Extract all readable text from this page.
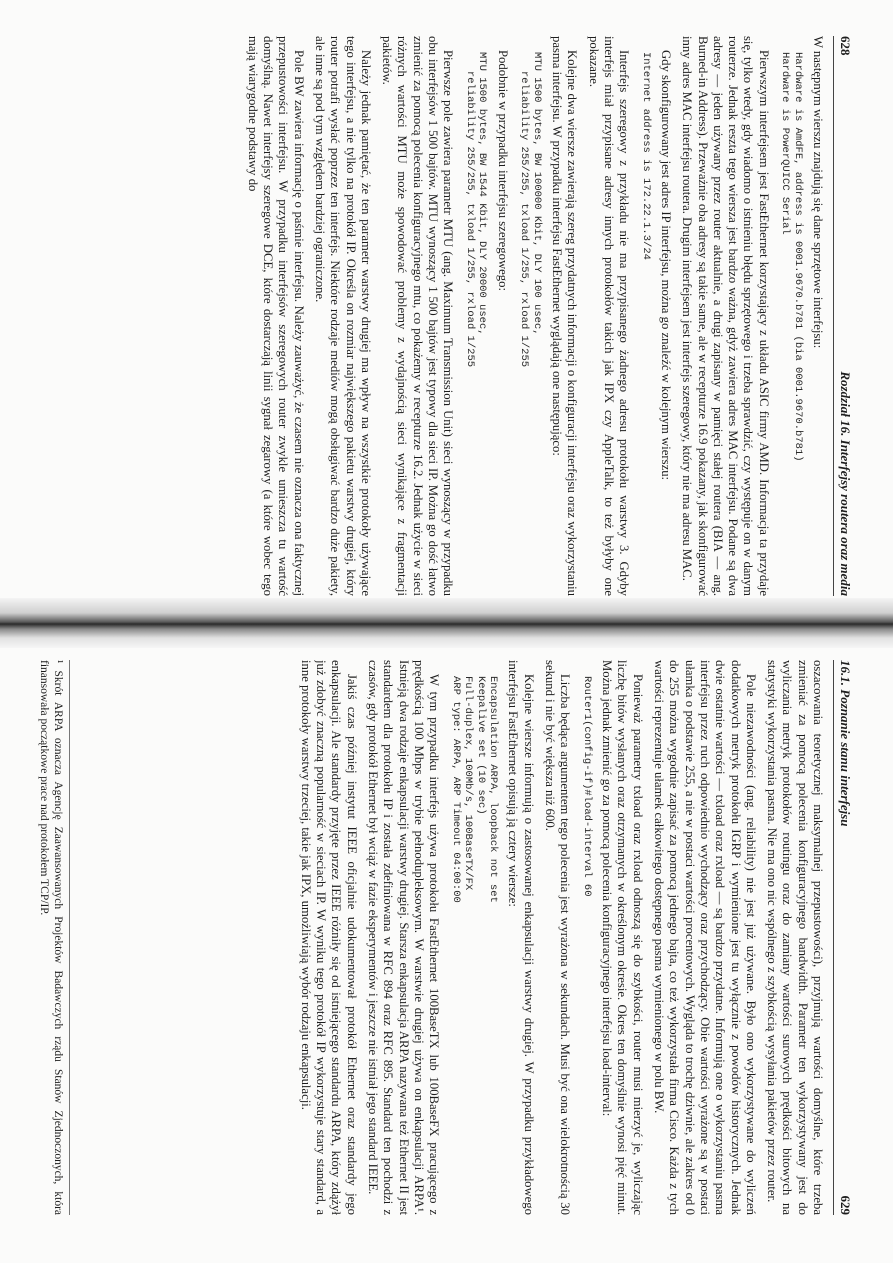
628
Rozdział 16. Interfejsy routera oraz media

W następnym wierszu znajdują się dane sprzętowe interfejsu:

Hardware is AmdFE, address is 0001.9670.b781 (bia 0001.9670.b781)
Hardware is PowerQUICC Serial

Pierwszym interfejsem jest FastEthernet korzystający z układu ASIC firmy AMD. Informacja ta przydaje się, tylko wtedy, gdy wiadomo o istnieniu błędu sprzętowego i trzeba sprawdzić, czy występuje on w danym routerze. Jednak reszta tego wiersza jest bardzo ważna, gdyż zawiera adres MAC interfejsu. Podane są dwa adresy — jeden używany przez router aktualnie, a drugi zapisany w pamięci stałej routera (BIA — ang. Burned-in Address). Przeważnie oba adresy są takie same, ale w recepturze 16.9 pokazany, jak skonfigurować inny adres MAC interfejsu routera. Drugim interfejsem jest interfejs szeregowy, który nie ma adresu MAC.

Gdy skonfigurowany jest adres IP interfejsu, można go znaleźć w kolejnym wierszu:

Internet address is 172.22.1.3/24

Interfejs szeregowy z przykładu nie ma przypisanego żadnego adresu protokołu warstwy 3. Gdyby interfejs miał przypisane adresy innych protokołów takich jak IPX czy AppleTalk, to też byłyby one pokazane.

Kolejne dwa wiersze zawierają szereg przydatnych informacji o konfiguracji interfejsu oraz wykorzystaniu pasma interfejsu. W przypadku interfejsu FastEthernet wyglądają one następująco:

MTU 1500 bytes, BW 100000 Kbit, DLY 100 usec,
reliability 255/255, txload 1/255, rxload 1/255

Podobnie w przypadku interfejsu szeregowego:

MTU 1500 bytes, BW 1544 Kbit, DLY 20000 usec,
reliability 255/255, txload 1/255, rxload 1/255

Pierwsze pole zawiera parametr MTU (ang. Maximum Transmission Unit) sieci wynoszący w przypadku obu interfejsów 1 500 bajtów. MTU wynoszący 1 500 bajtów jest typowy dla sieci IP. Można go dość łatwo zmienić za pomocą polecenia konfiguracyjnego mtu, co pokażemy w recepturze 16.2. Jednak użycie w sieci różnych wartości MTU może spowodować problemy z wydajnością sieci wynikające z fragmentacji pakietów.

Należy jednak pamiętać, że ten parametr warstwy drugiej ma wpływ na wszystkie protokoły używające tego interfejsu, a nie tylko na protokół IP. Określa on rozmiar największego pakietu warstwy drugiej, który router potrafi wysłać poprzez ten interfejs. Niektóre rodzaje mediów mogą obsługiwać bardzo duże pakiety, ale inne są pod tym względem bardziej ograniczone.

Pole BW zawiera informację o paśmie interfejsu. Należy zauważyć, że czasem nie oznacza ona faktycznej przepustowości interfejsu. W przypadku interfejsów szeregowych router zwykle umieszcza tu wartość domyślną. Nawet interfejsy szeregowe DCE, które dostarczają linii sygnał zegarowy (a które wobec tego mają wiarygodne podstawy do

16.1. Poznanie stanu interfejsu
629

oszacowania teoretycznej maksymalnej przepustowości), przyjmują wartości domyślne, które trzeba zmieniać za pomocą polecenia konfiguracyjnego bandwidth. Parametr ten wykorzystywany jest do wyliczania metryk protokołów routingu oraz do zamiany wartości surowych prędkości bitowych na statystyki wykorzystania pasma. Nie ma ono nic wspólnego z szybkością wysyłania pakietów przez router.

Pole niezawodności (ang. reliability) nie jest już używane. Było ono wykorzystywane do wyliczeń dodatkowych metryk protokołu IGRP i wymienione jest tu wyłącznie z powodów historycznych. Jednak dwie ostatnie wartości — txload oraz rxload — są bardzo przydatne. Informują one o wykorzystaniu pasma interfejsu przez ruch odpowiednio wychodzący oraz przychodzący. Obie wartości wyrażone są w postaci ułamka o podstawie 255, a nie w postaci wartości procentowych. Wygląda to trochę dziwnie, ale zakres od 0 do 255 można wygodnie zapisać za pomocą jednego bajta, co też wykorzystała firma Cisco. Każda z tych wartości reprezentuje ułamek całkowitego dostępnego pasma wymienionego w polu BW.

Ponieważ parametry txload oraz rxload odnoszą się do szybkości, router musi mierzyć je, wyliczając liczbę bitów wysłanych oraz otrzymanych w określonym okresie. Okres ten domyślnie wynosi pięć minut. Można jednak zmienić go za pomocą polecenia konfiguracyjnego interfejsu load-interval:

Router1(config-if)#load-interval 60

Liczba będąca argumentem tego polecenia jest wyrażona w sekundach. Musi być ona wielokrotnością 30 sekund i nie być większa niż 600.

Kolejne wiersze informują o zastosowanej enkapsulacji warstwy drugiej. W przypadku przykładowego interfejsu FastEthernet opisują ją cztery wiersze:

Encapsulation ARPA, loopback not set
Keepalive set (10 sec)
Full-duplex, 100Mb/s, 100BaseTX/FX
ARP type: ARPA, ARP Timeout 04:00:00

W tym przypadku interfejs używa protokołu FastEthernet 100BaseTX lub 100BaseFX pracującego z prędkością 100 Mbps w trybie pełnodupleksowym. W warstwie drugiej używa on enkapsulacji ARPA¹. Istnieją dwa rodzaje enkapsulacji warstwy drugiej. Starsza enkapsulacja ARPA nazywana też Ethernet II jest standardem dla protokołu IP i została zdefiniowana w RFC 894 oraz RFC 895. Standard ten pochodzi z czasów, gdy protokół Ethernet był wciąż w fazie eksperymentów i jeszcze nie istniał jego standard IEEE.

Jakiś czas później instytut IEEE oficjalnie udokumentował protokół Ethernet oraz standardy jego enkapsulacji. Ale standardy przyjęte przez IEEE różniły się od istniejącego standardu ARPA, który zdążył już zdobyć znaczną popularność w sieciach IP. W wyniku tego protokół IP wykorzystuje stary standard, a inne protokoły warstwy trzeciej, takie jak IPX, umożliwiają wybór rodzaju enkapsulacji.

¹ Skrót ARPA oznacza Agencję Zaawansowanych Projektów Badawczych rządu Stanów Zjednoczonych, która finansowała początkowe prace nad protokołem TCP/IP.
